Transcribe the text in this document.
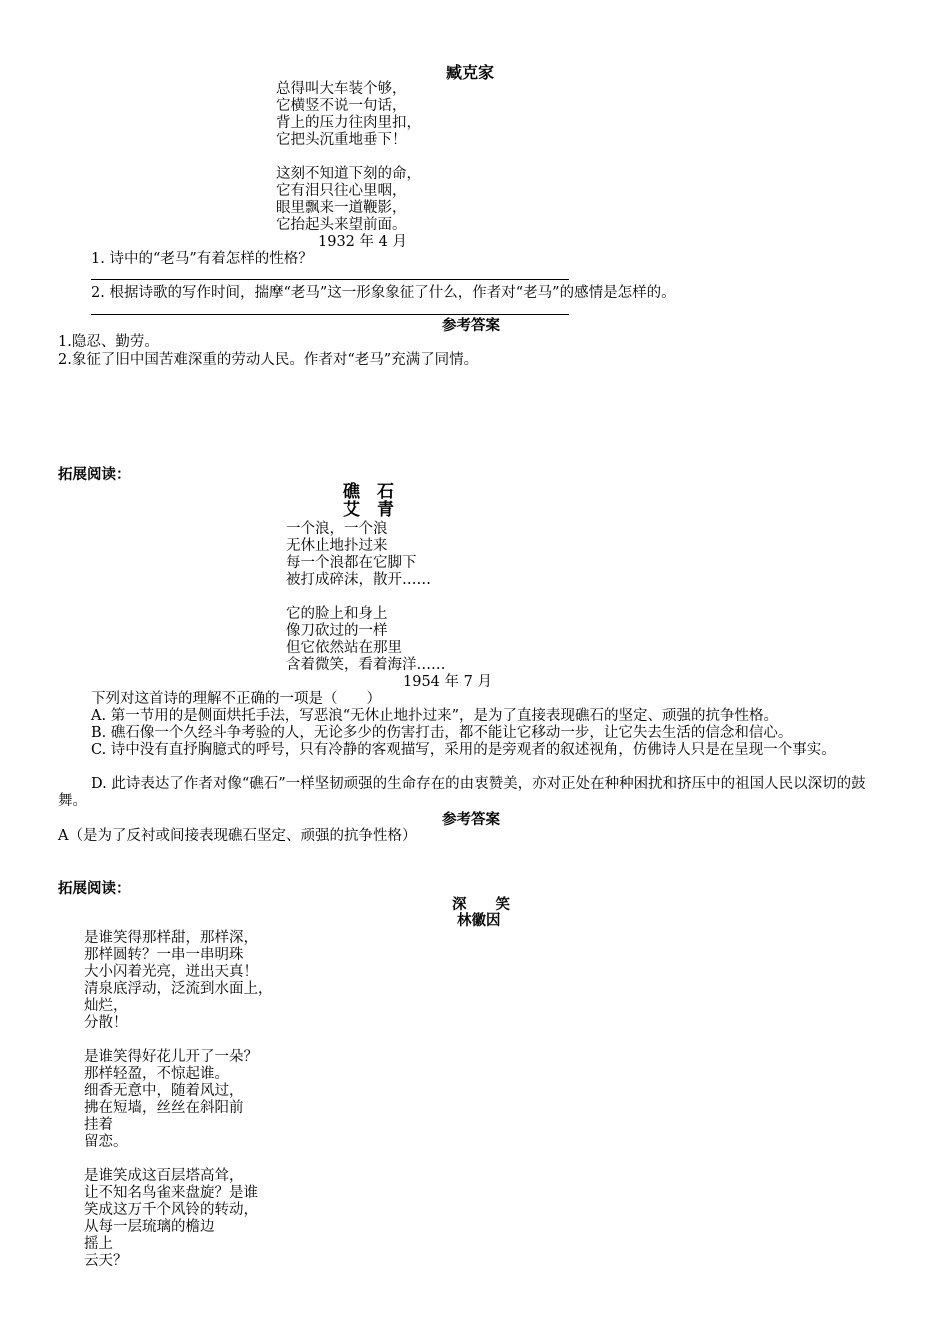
臧克家
总得叫大车装个够，
它横竖不说一句话，
背上的压力往肉里扣，
它把头沉重地垂下！
这刻不知道下刻的命，
它有泪只往心里咽，
眼里飘来一道鞭影，
它抬起头来望前面。
1932 年 4 月
1. 诗中的“老马”有着怎样的性格？
2. 根据诗歌的写作时间，揣摩“老马”这一形象象征了什么，作者对“老马”的感情是怎样的。
参考答案
1.隐忍、勤劳。
2.象征了旧中国苦难深重的劳动人民。作者对“老马”充满了同情。
拓展阅读：
礁　石
艾　青
一个浪，一个浪
无休止地扑过来
每一个浪都在它脚下
被打成碎沫，散开……
它的脸上和身上
像刀砍过的一样
但它依然站在那里
含着微笑，看着海洋……
1954 年 7 月
下列对这首诗的理解不正确的一项是（　　）
A. 第一节用的是侧面烘托手法，写恶浪“无休止地扑过来”，是为了直接表现礁石的坚定、顽强的抗争性格。
B. 礁石像一个久经斗争考验的人，无论多少的伤害打击，都不能让它移动一步，让它失去生活的信念和信心。
C. 诗中没有直抒胸臆式的呼号，只有冷静的客观描写，采用的是旁观者的叙述视角，仿佛诗人只是在呈现一个事实。
D. 此诗表达了作者对像“礁石”一样坚韧顽强的生命存在的由衷赞美，亦对正处在种种困扰和挤压中的祖国人民以深切的鼓舞。
参考答案
A（是为了反衬或间接表现礁石坚定、顽强的抗争性格）
拓展阅读：
深　　笑
林徽因
是谁笑得那样甜，那样深，
那样圆转？一串一串明珠
大小闪着光亮，迸出天真！
清泉底浮动，泛流到水面上，
灿烂，
分散！
是谁笑得好花儿开了一朵？
那样轻盈，不惊起谁。
细香无意中，随着风过，
拂在短墙，丝丝在斜阳前
挂着
留恋。
是谁笑成这百层塔高耸，
让不知名鸟雀来盘旋？是谁
笑成这万千个风铃的转动，
从每一层琉璃的檐边
摇上
云天？
